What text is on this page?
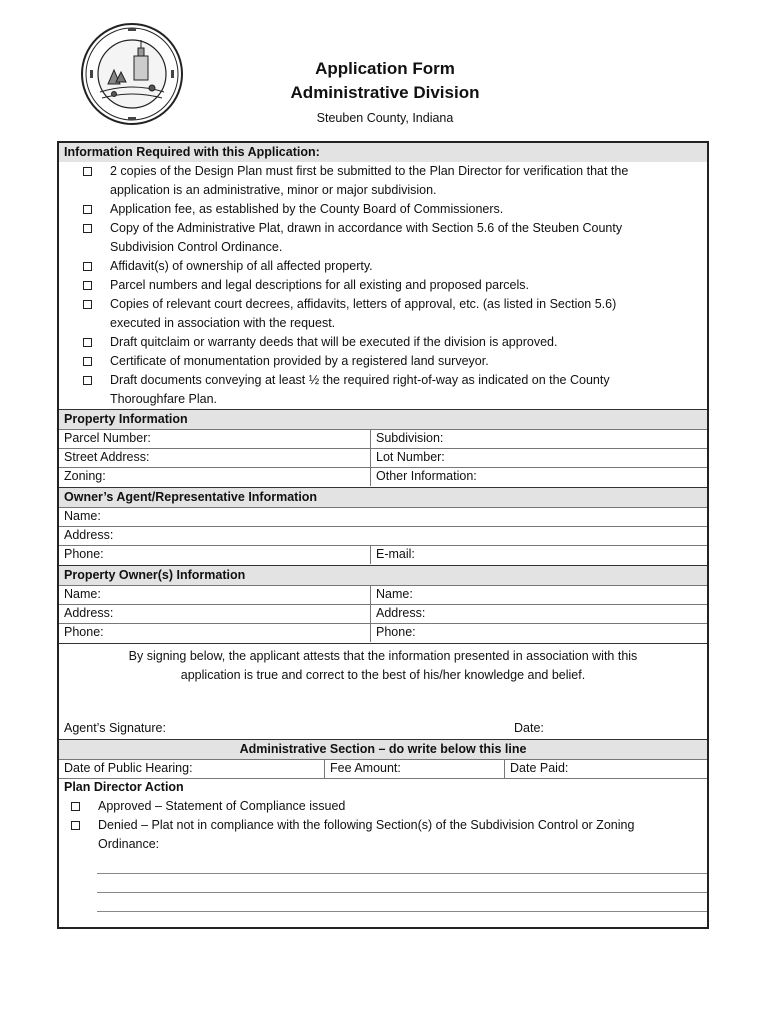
Application Form
Administrative Division
Steuben County, Indiana
Information Required with this Application:
2 copies of the Design Plan must first be submitted to the Plan Director for verification that the
application is an administrative, minor or major subdivision.
Application fee, as established by the County Board of Commissioners.
Copy of the Administrative Plat, drawn in accordance with Section 5.6 of the Steuben County
Subdivision Control Ordinance.
Affidavit(s) of ownership of all affected property.
Parcel numbers and legal descriptions for all existing and proposed parcels.
Copies of relevant court decrees, affidavits, letters of approval, etc. (as listed in Section 5.6)
executed in association with the request.
Draft quitclaim or warranty deeds that will be executed if the division is approved.
Certificate of monumentation provided by a registered land surveyor.
Draft documents conveying at least ½ the required right-of-way as indicated on the County
Thoroughfare Plan.
Property Information
Parcel Number:	Subdivision:
Street Address:	Lot Number:
Zoning:	Other Information:
Owner’s Agent/Representative Information
Name:
Address:
Phone:	E-mail:
Property Owner(s) Information
Name:	Name:
Address:	Address:
Phone:	Phone:
By signing below, the applicant attests that the information presented in association with this
application is true and correct to the best of his/her knowledge and belief.
Agent’s Signature:	Date:
Administrative Section – do write below this line
Date of Public Hearing:	Fee Amount:	Date Paid:
Plan Director Action
Approved – Statement of Compliance issued
Denied – Plat not in compliance with the following Section(s) of the Subdivision Control or Zoning
Ordinance:
